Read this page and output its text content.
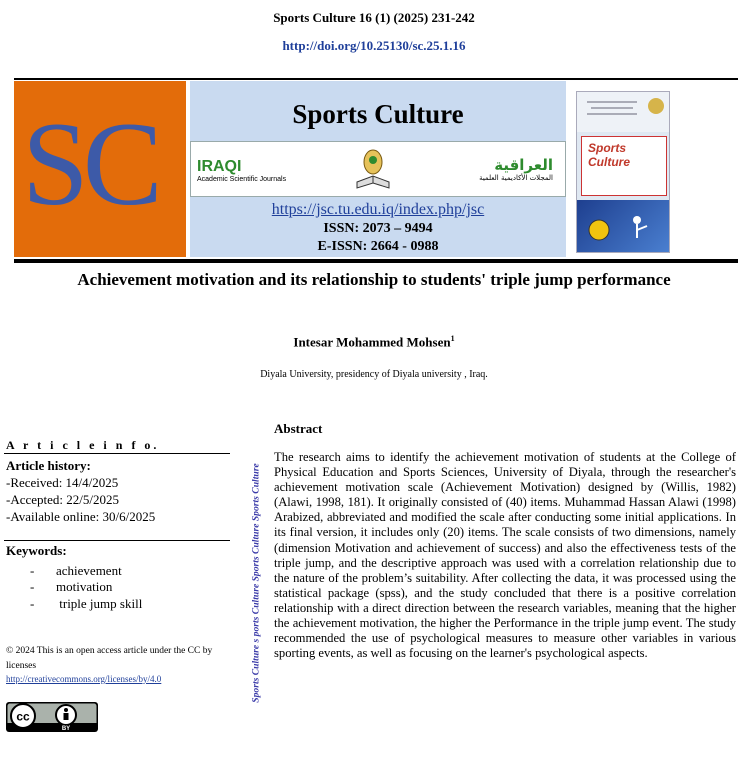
Sports Culture 16 (1) (2025) 231-242
http://doi.org/10.25130/sc.25.1.16
SC	Sports Culture
IRAQI
Academic Scientific Journals
العراقية
المجلات الأكاديمية العلمية
https://jsc.tu.edu.iq/index.php/jsc
ISSN: 2073 – 9494
E-ISSN: 2664 - 0988
Sports Culture
Achievement motivation and its relationship to students' triple jump performance
Intesar Mohammed Mohsen$^1$
Diyala University, presidency of Diyala university , Iraq.
A r t i c l e i n f o.
Article history:
-Received: 14/4/2025
-Accepted: 22/5/2025
-Available online: 30/6/2025
Keywords:
- achievement
- motivation
- triple jump skill
© 2024 This is an open access article under the CC by licenses
http://creativecommons.org/licenses/by/4.0
cc
BY
Sports Culture s ports Culture Sports Culture Sports Culture
Abstract
The research aims to identify the achievement motivation of students at the College of Physical Education and Sports Sciences, University of Diyala, through the researcher's achievement motivation scale (Achievement Motivation) designed by (Willis, 1982) (Alawi, 1998, 181). It originally consisted of (40) items. Muhammad Hassan Alawi (1998) Arabized, abbreviated and modified the scale after conducting some initial applications. In its final version, it includes only (20) items. The scale consists of two dimensions, namely (dimension Motivation and achievement of success) and also the effectiveness tests of the triple jump, and the descriptive approach was used with a correlation relationship due to the nature of the problem’s suitability. After collecting the data, it was processed using the statistical package (spss), and the study concluded that there is a positive correlation relationship with a direct direction between the research variables, meaning that the higher the achievement motivation, the higher the Performance in the triple jump event. The study recommended the use of psychological measures to measure other variables in various sporting events, as well as focusing on the learner's psychological aspects.
